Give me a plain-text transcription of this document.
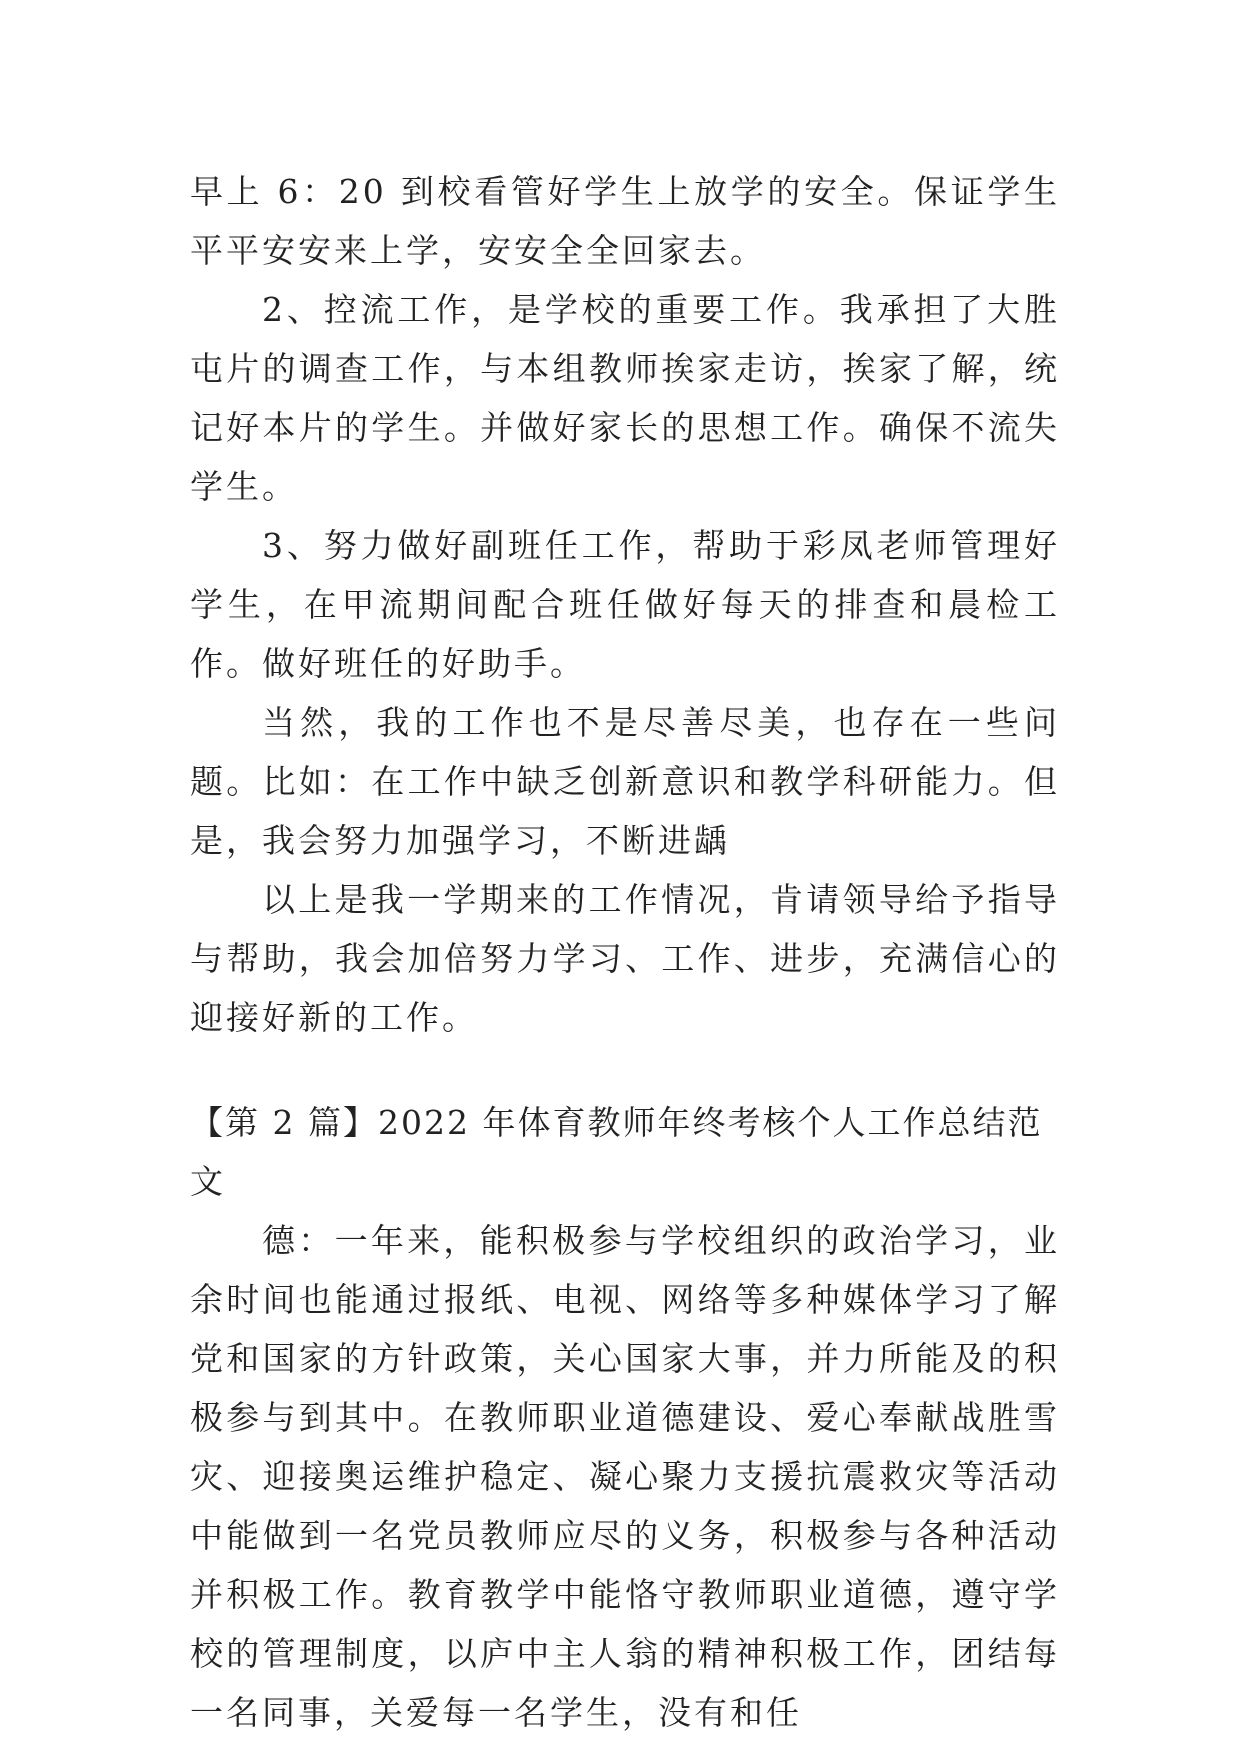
早上 6：20 到校看管好学生上放学的安全。保证学生平平安安来上学，安安全全回家去。

2、控流工作，是学校的重要工作。我承担了大胜屯片的调查工作，与本组教师挨家走访，挨家了解，统记好本片的学生。并做好家长的思想工作。确保不流失学生。

3、努力做好副班任工作，帮助于彩凤老师管理好学生，在甲流期间配合班任做好每天的排查和晨检工作。做好班任的好助手。

当然，我的工作也不是尽善尽美，也存在一些问题。比如：在工作中缺乏创新意识和教学科研能力。但是，我会努力加强学习，不断进龋

以上是我一学期来的工作情况，肯请领导给予指导与帮助，我会加倍努力学习、工作、进步，充满信心的迎接好新的工作。

【第 2 篇】2022 年体育教师年终考核个人工作总结范文

德：一年来，能积极参与学校组织的政治学习，业余时间也能通过报纸、电视、网络等多种媒体学习了解党和国家的方针政策，关心国家大事，并力所能及的积极参与到其中。在教师职业道德建设、爱心奉献战胜雪灾、迎接奥运维护稳定、凝心聚力支援抗震救灾等活动中能做到一名党员教师应尽的义务，积极参与各种活动并积极工作。教育教学中能恪守教师职业道德，遵守学校的管理制度，以庐中主人翁的精神积极工作，团结每一名同事，关爱每一名学生，没有和任
